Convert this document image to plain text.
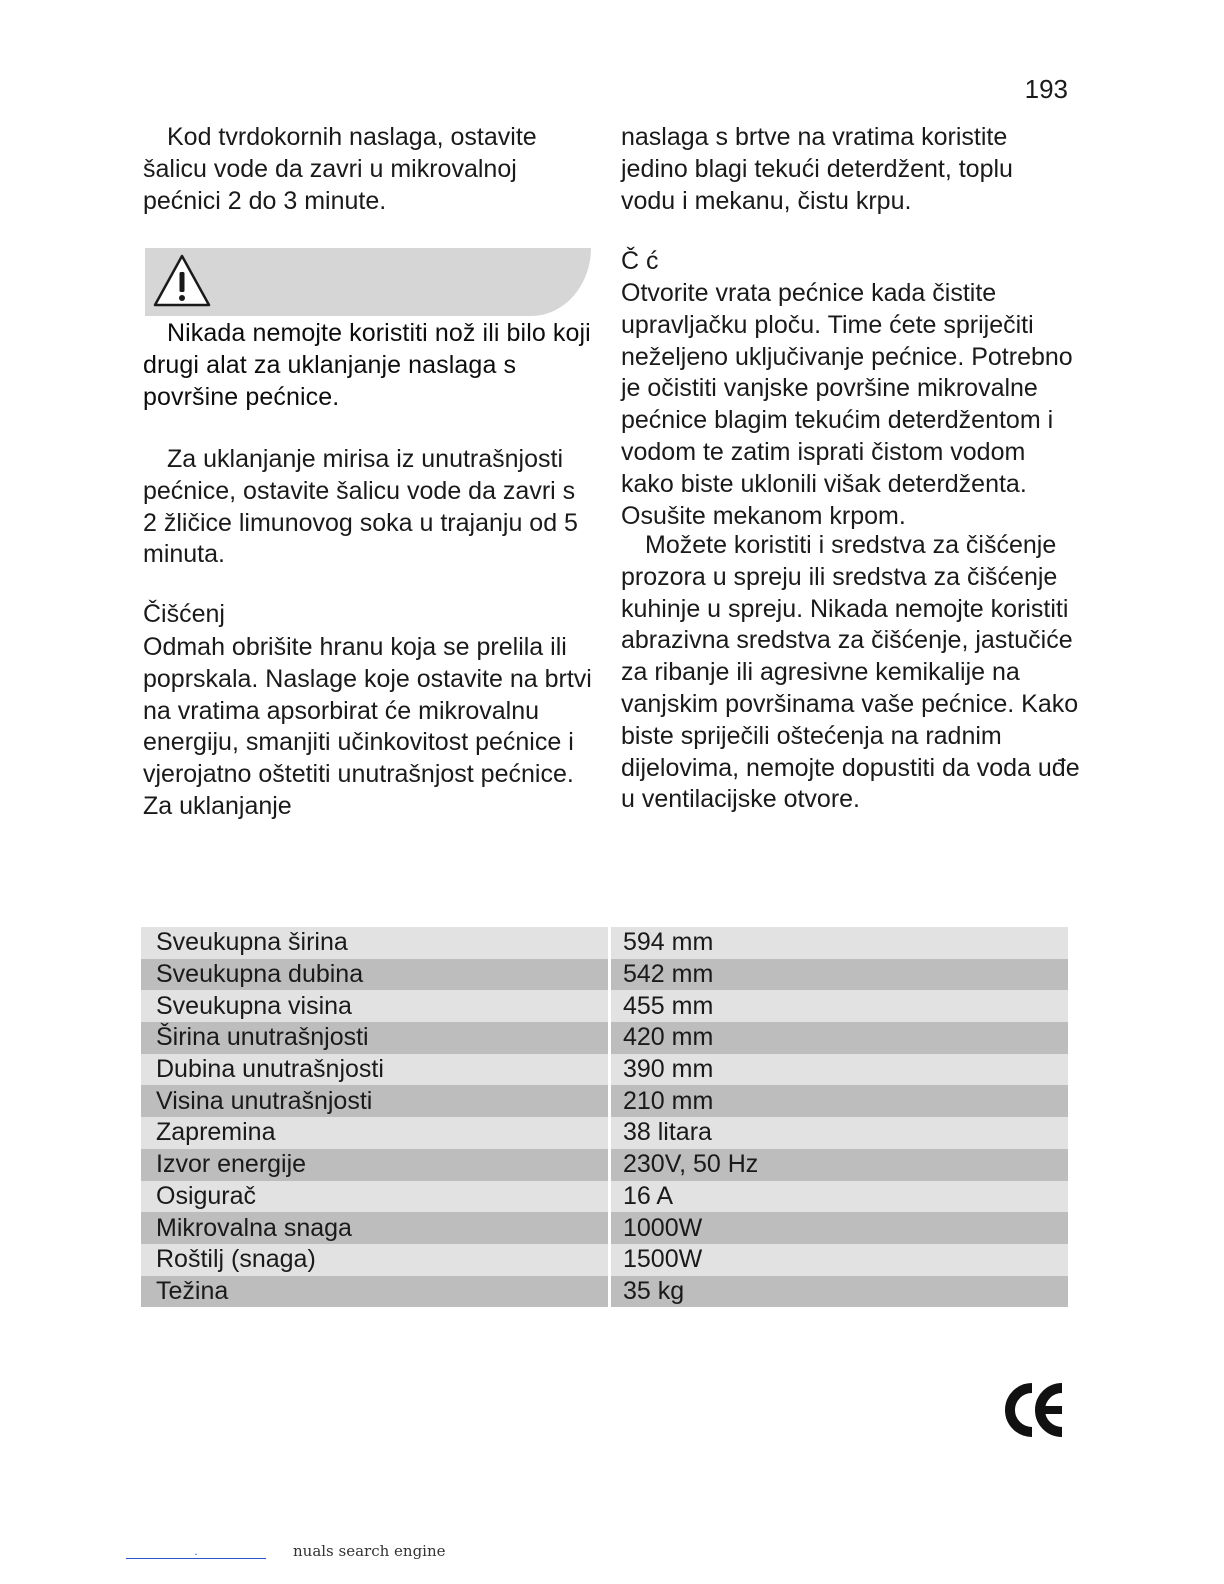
193

Kod tvrdokornih naslaga, ostavite šalicu vode da zavri u mikrovalnoj pećnici 2 do 3 minute.

Nikada nemojte koristiti nož ili bilo koji drugi alat za uklanjanje naslaga s površine pećnice.

Za uklanjanje mirisa iz unutrašnjosti pećnice, ostavite šalicu vode da zavri s 2 žličice limunovog soka u trajanju od 5 minuta.

Čišćenj

Odmah obrišite hranu koja se prelila ili poprskala. Naslage koje ostavite na brtvi na vratima apsorbirat će mikrovalnu energiju, smanjiti učinkovitost pećnice i vjerojatno oštetiti unutrašnjost pećnice. Za uklanjanje

naslaga s brtve na vratima koristite jedino blagi tekući deterdžent, toplu vodu i mekanu, čistu krpu.

Č ć

Otvorite vrata pećnice kada čistite upravljačku ploču. Time ćete spriječiti neželjeno uključivanje pećnice. Potrebno je očistiti vanjske površine mikrovalne pećnice blagim tekućim deterdžentom i vodom te zatim isprati čistom vodom kako biste uklonili višak deterdženta. Osušite mekanom krpom.

Možete koristiti i sredstva za čišćenje prozora u spreju ili sredstva za čišćenje kuhinje u spreju. Nikada nemojte koristiti abrazivna sredstva za čišćenje, jastučiće za ribanje ili agresivne kemikalije na vanjskim površinama vaše pećnice. Kako biste spriječili oštećenja na radnim dijelovima, nemojte dopustiti da voda uđe u ventilacijske otvore.

Sveukupna širina	594 mm
Sveukupna dubina	542 mm
Sveukupna visina	455 mm
Širina unutrašnjosti	420 mm
Dubina unutrašnjosti	390 mm
Visina unutrašnjosti	210 mm
Zapremina	38 litara
Izvor energije	230V, 50 Hz
Osigurač	16 A
Mikrovalna snaga	1000W
Roštilj (snaga)	1500W
Težina	35 kg
.	nuals search engine
